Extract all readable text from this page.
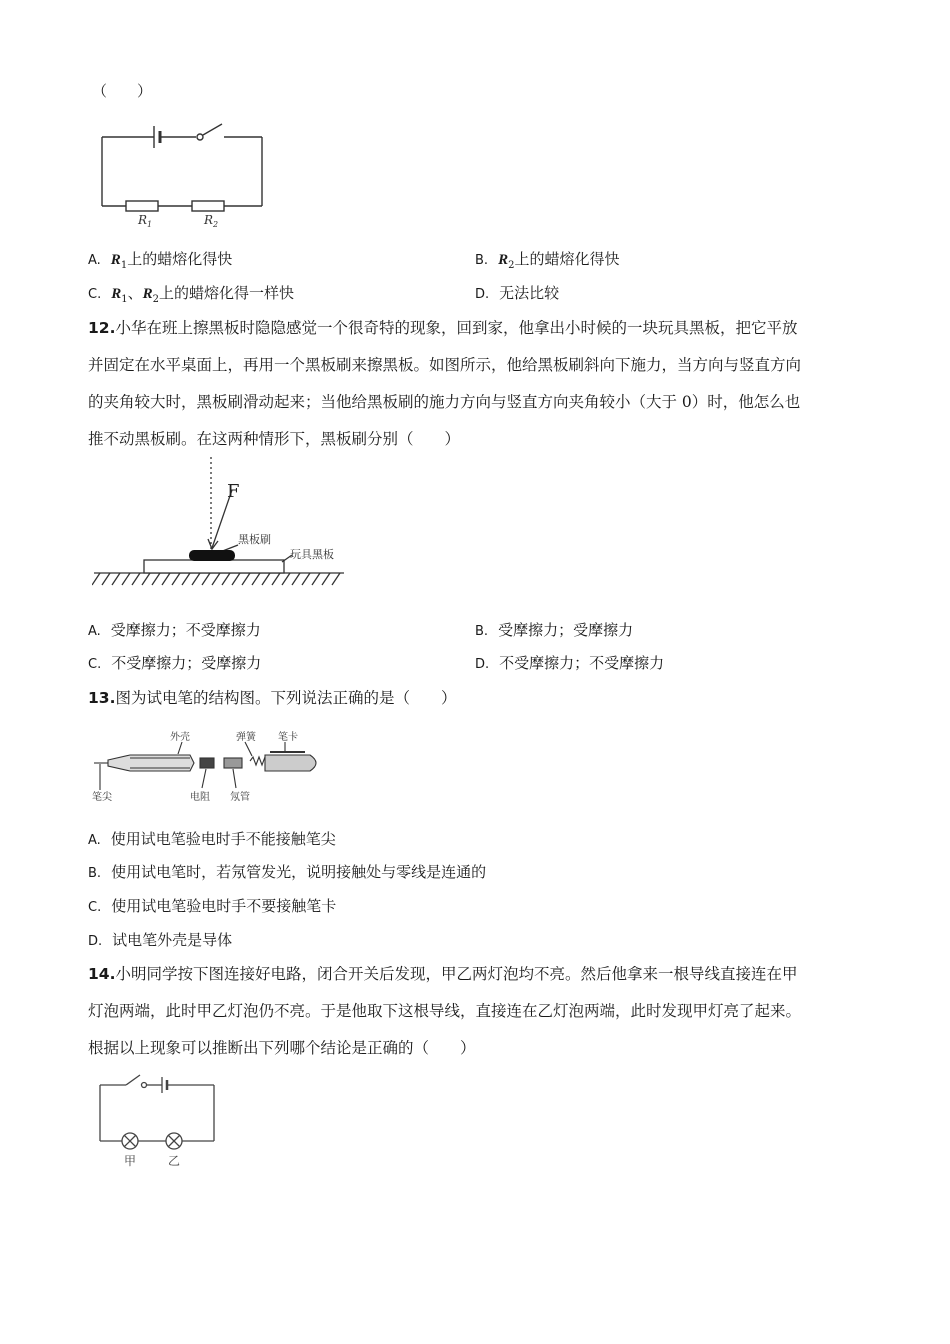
（　　）
$R_1$	$R_2$
A. $R_1$上的蜡熔化得快	B. $R_2$上的蜡熔化得快
C. $R_1$、$R_2$上的蜡熔化得一样快	D. 无法比较
12.小华在班上擦黑板时隐隐感觉一个很奇特的现象，回到家，他拿出小时候的一块玩具黑板，把它平放
并固定在水平桌面上，再用一个黑板刷来擦黑板。如图所示，他给黑板刷斜向下施力，当方向与竖直方向
的夹角较大时，黑板刷滑动起来；当他给黑板刷的施力方向与竖直方向夹角较小（大于 0）时，他怎么也
推不动黑板刷。在这两种情形下，黑板刷分别（　　）
F
黑板刷
玩具黑板
A. 受摩擦力；不受摩擦力	B. 受摩擦力；受摩擦力
C. 不受摩擦力；受摩擦力	D. 不受摩擦力；不受摩擦力
13.图为试电笔的结构图。下列说法正确的是（　　）
外壳	弹簧 笔卡
笔尖	电阻 氖管
A. 使用试电笔验电时手不能接触笔尖
B. 使用试电笔时，若氖管发光，说明接触处与零线是连通的
C. 使用试电笔验电时手不要接触笔卡
D. 试电笔外壳是导体
14.小明同学按下图连接好电路，闭合开关后发现，甲乙两灯泡均不亮。然后他拿来一根导线直接连在甲
灯泡两端，此时甲乙灯泡仍不亮。于是他取下这根导线，直接连在乙灯泡两端，此时发现甲灯亮了起来。
根据以上现象可以推断出下列哪个结论是正确的（　　）
甲	乙
